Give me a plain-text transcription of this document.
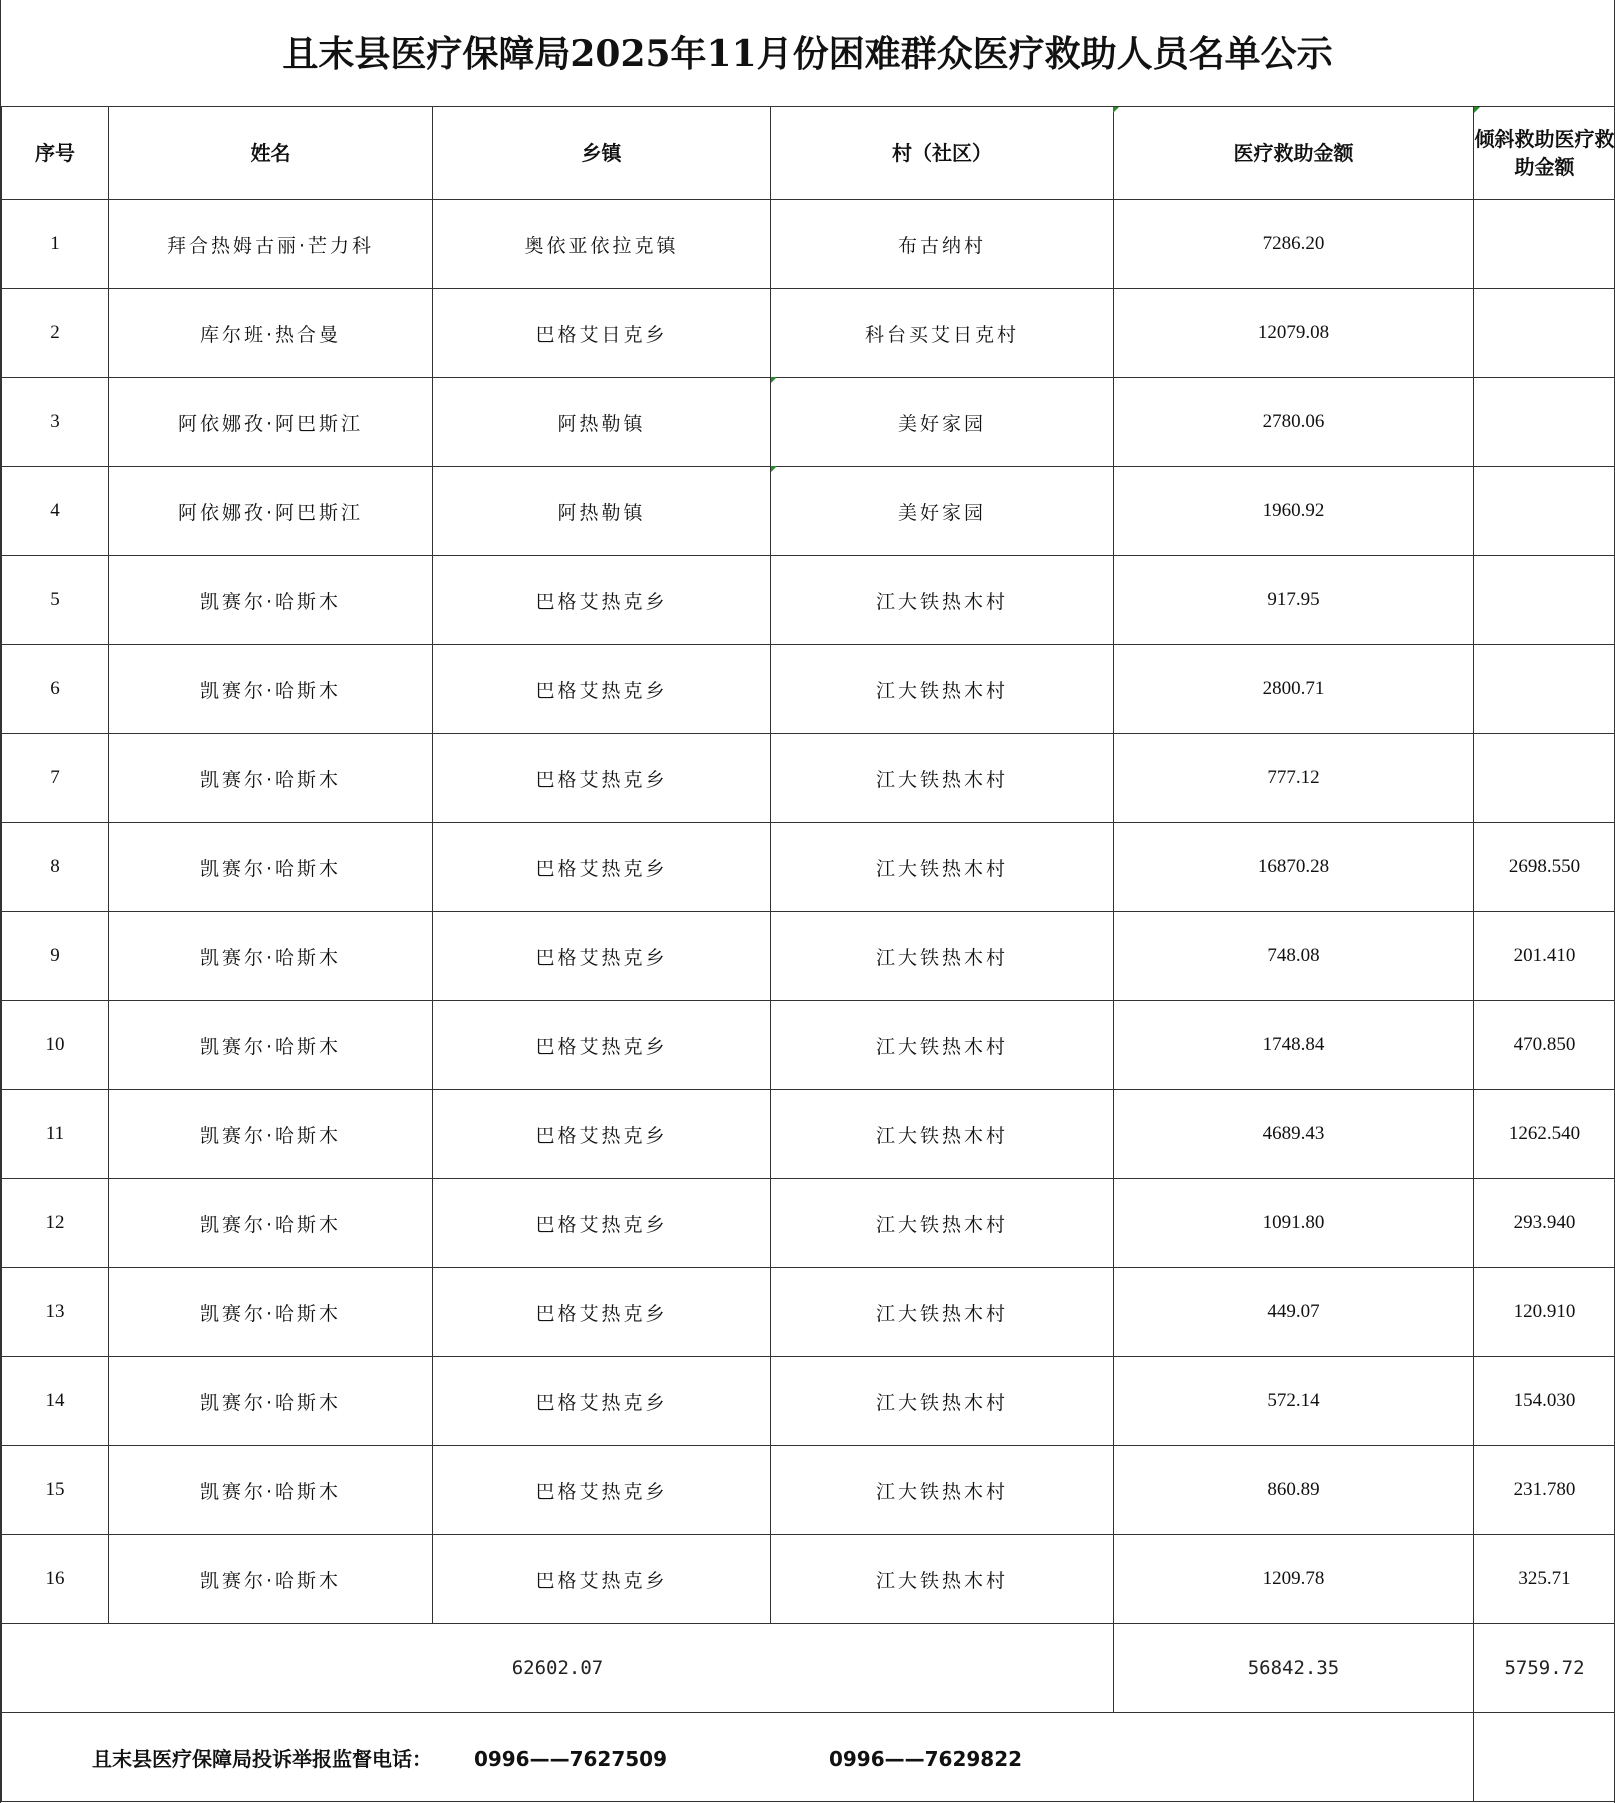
且末县医疗保障局2025年11月份困难群众医疗救助人员名单公示
序号	姓名	乡镇	村（社区）	医疗救助金额	倾斜救助医疗救助金额
1	拜合热姆古丽·芒力科	奥依亚依拉克镇	布古纳村	7286.20	
2	库尔班·热合曼	巴格艾日克乡	科台买艾日克村	12079.08	
3	阿依娜孜·阿巴斯江	阿热勒镇	美好家园	2780.06	
4	阿依娜孜·阿巴斯江	阿热勒镇	美好家园	1960.92	
5	凯赛尔·哈斯木	巴格艾热克乡	江大铁热木村	917.95	
6	凯赛尔·哈斯木	巴格艾热克乡	江大铁热木村	2800.71	
7	凯赛尔·哈斯木	巴格艾热克乡	江大铁热木村	777.12	
8	凯赛尔·哈斯木	巴格艾热克乡	江大铁热木村	16870.28	2698.550
9	凯赛尔·哈斯木	巴格艾热克乡	江大铁热木村	748.08	201.410
10	凯赛尔·哈斯木	巴格艾热克乡	江大铁热木村	1748.84	470.850
11	凯赛尔·哈斯木	巴格艾热克乡	江大铁热木村	4689.43	1262.540
12	凯赛尔·哈斯木	巴格艾热克乡	江大铁热木村	1091.80	293.940
13	凯赛尔·哈斯木	巴格艾热克乡	江大铁热木村	449.07	120.910
14	凯赛尔·哈斯木	巴格艾热克乡	江大铁热木村	572.14	154.030
15	凯赛尔·哈斯木	巴格艾热克乡	江大铁热木村	860.89	231.780
16	凯赛尔·哈斯木	巴格艾热克乡	江大铁热木村	1209.78	325.71
62602.07				56842.35	5759.72
且末县医疗保障局投诉举报监督电话： 0996——7627509 0996——7629822					
